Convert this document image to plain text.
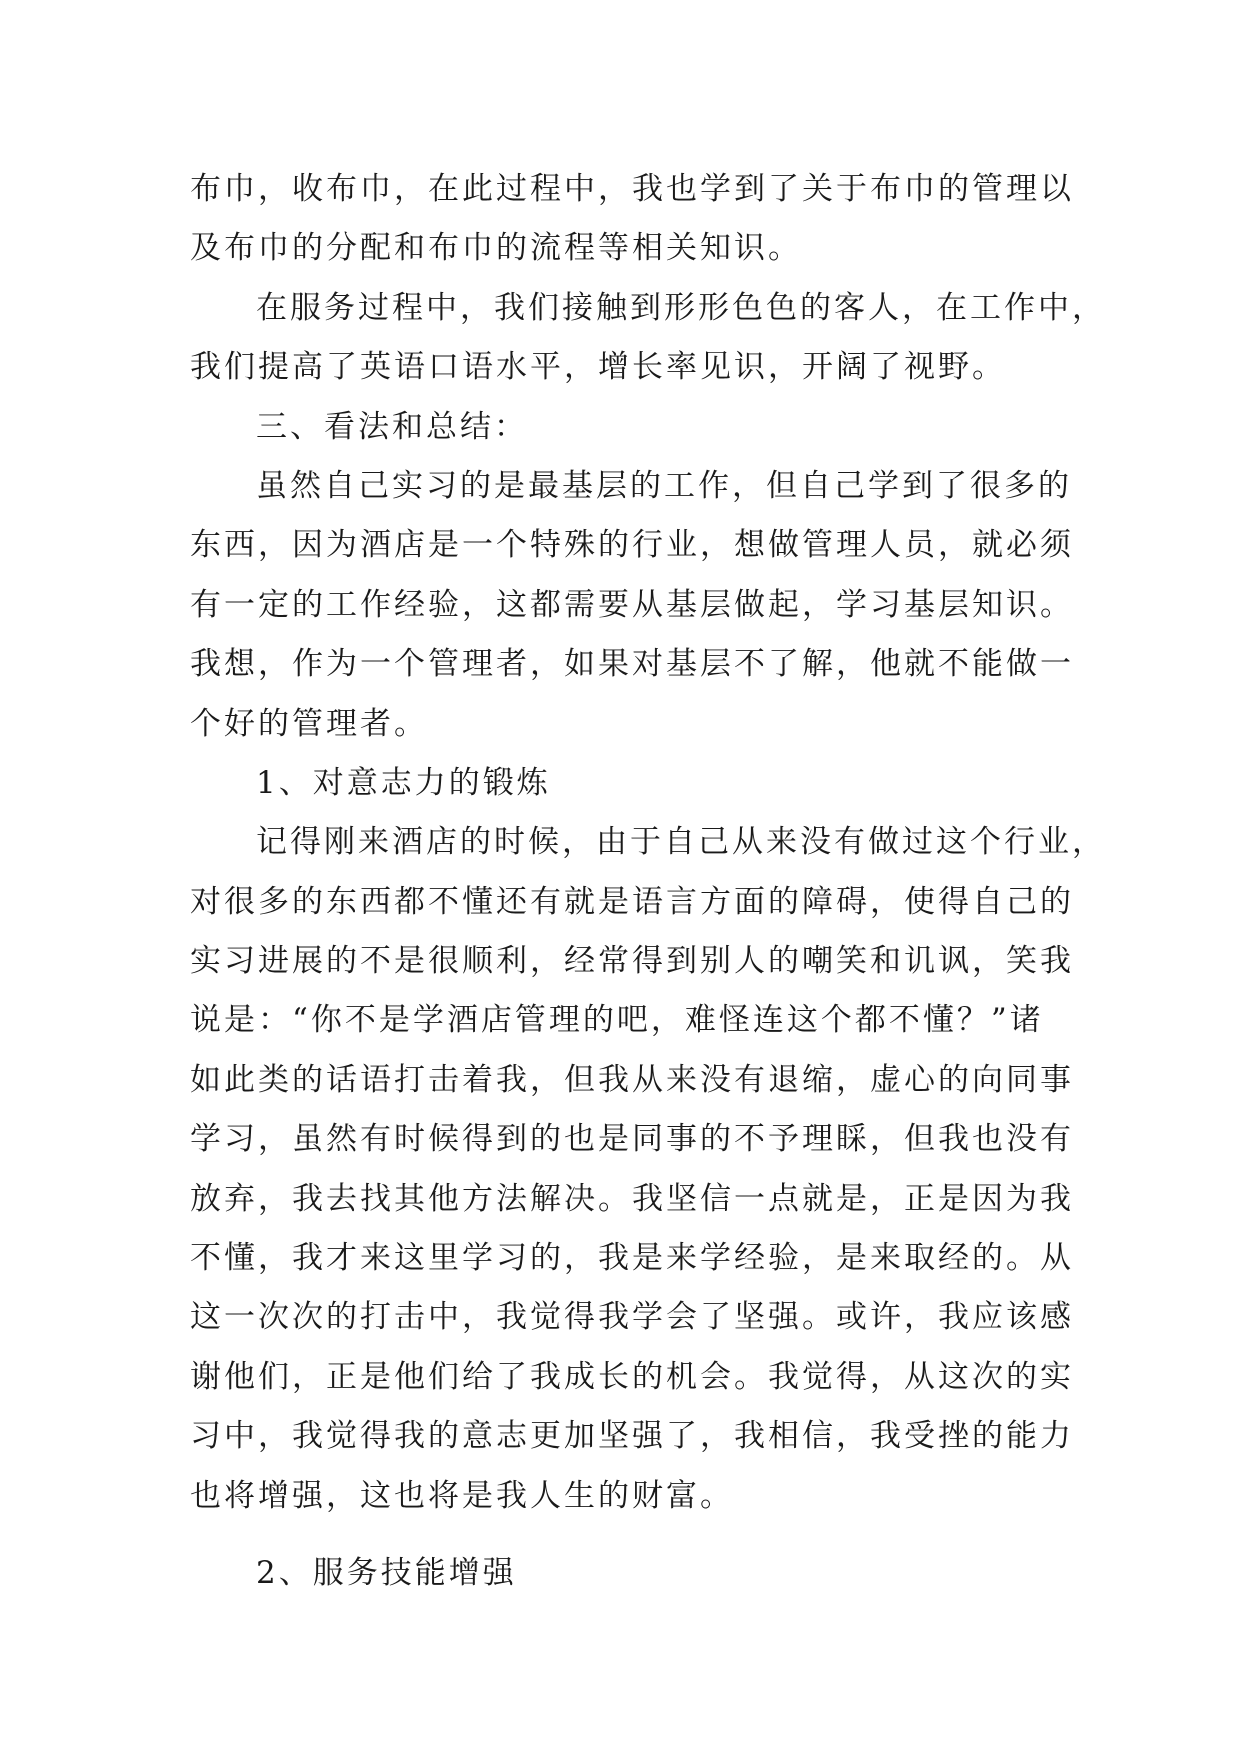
布巾，收布巾，在此过程中，我也学到了关于布巾的管理以
及布巾的分配和布巾的流程等相关知识。
在服务过程中，我们接触到形形色色的客人，在工作中，
我们提高了英语口语水平，增长率见识，开阔了视野。
三、看法和总结：
虽然自己实习的是最基层的工作，但自己学到了很多的
东西，因为酒店是一个特殊的行业，想做管理人员，就必须
有一定的工作经验，这都需要从基层做起，学习基层知识。
我想，作为一个管理者，如果对基层不了解，他就不能做一
个好的管理者。
1、对意志力的锻炼
记得刚来酒店的时候，由于自己从来没有做过这个行业，
对很多的东西都不懂还有就是语言方面的障碍，使得自己的
实习进展的不是很顺利，经常得到别人的嘲笑和讥讽，笑我
说是：“你不是学酒店管理的吧，难怪连这个都不懂？”诸
如此类的话语打击着我，但我从来没有退缩，虚心的向同事
学习，虽然有时候得到的也是同事的不予理睬，但我也没有
放弃，我去找其他方法解决。我坚信一点就是，正是因为我
不懂，我才来这里学习的，我是来学经验，是来取经的。从
这一次次的打击中，我觉得我学会了坚强。或许，我应该感
谢他们，正是他们给了我成长的机会。我觉得，从这次的实
习中，我觉得我的意志更加坚强了，我相信，我受挫的能力
也将增强，这也将是我人生的财富。
2、服务技能增强
